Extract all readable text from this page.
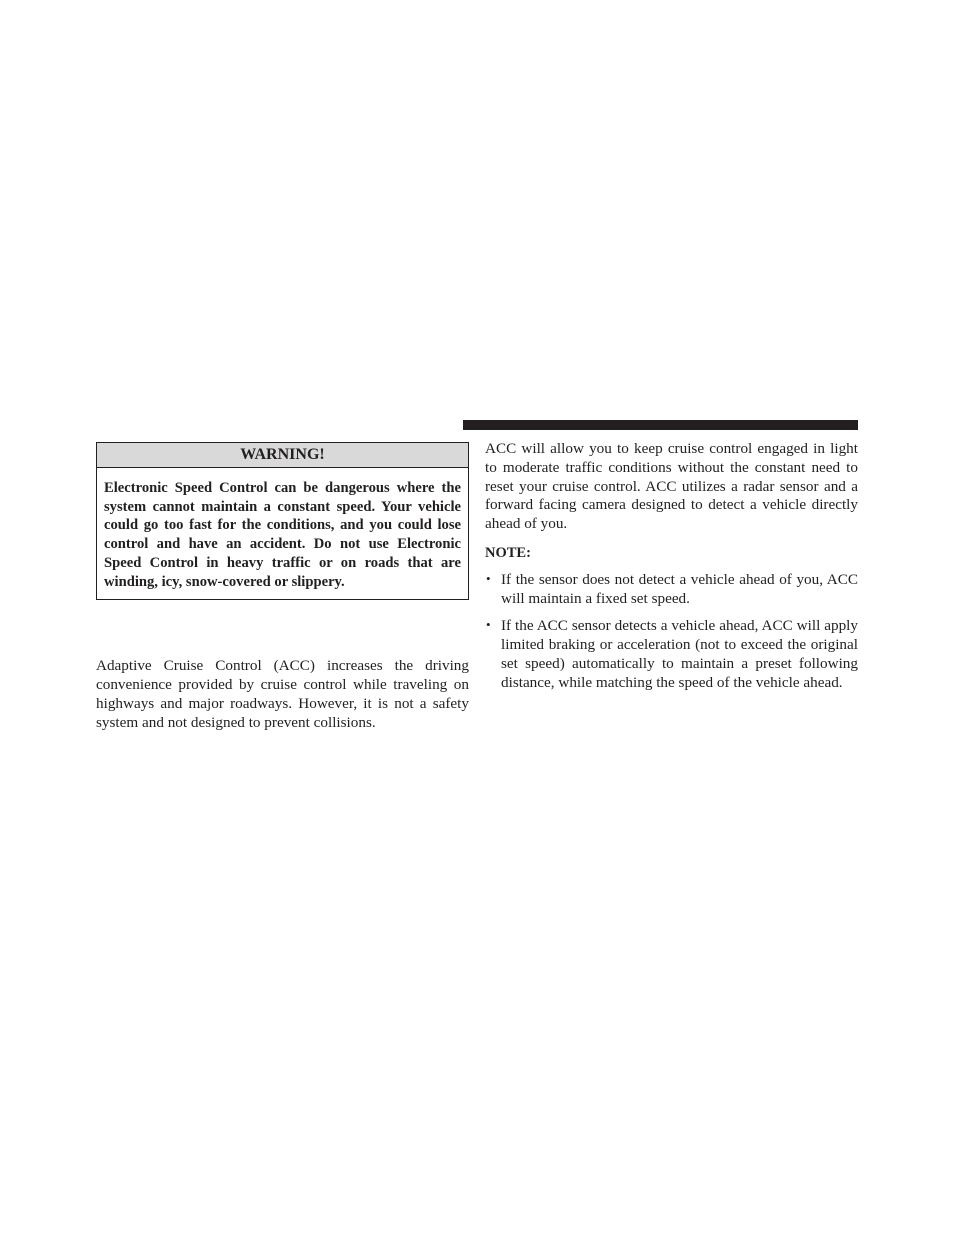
WARNING!
Electronic Speed Control can be dangerous where the system cannot maintain a constant speed. Your vehicle could go too fast for the conditions, and you could lose control and have an accident. Do not use Electronic Speed Control in heavy traffic or on roads that are winding, icy, snow-covered or slippery.

Adaptive Cruise Control (ACC) increases the driving convenience provided by cruise control while traveling on highways and major roadways. However, it is not a safety system and not designed to prevent collisions.

ACC will allow you to keep cruise control engaged in light to moderate traffic conditions without the constant need to reset your cruise control. ACC utilizes a radar sensor and a forward facing camera designed to detect a vehicle directly ahead of you.

NOTE:

• If the sensor does not detect a vehicle ahead of you, ACC will maintain a fixed set speed.
• If the ACC sensor detects a vehicle ahead, ACC will apply limited braking or acceleration (not to exceed the original set speed) automatically to maintain a preset following distance, while matching the speed of the vehicle ahead.
